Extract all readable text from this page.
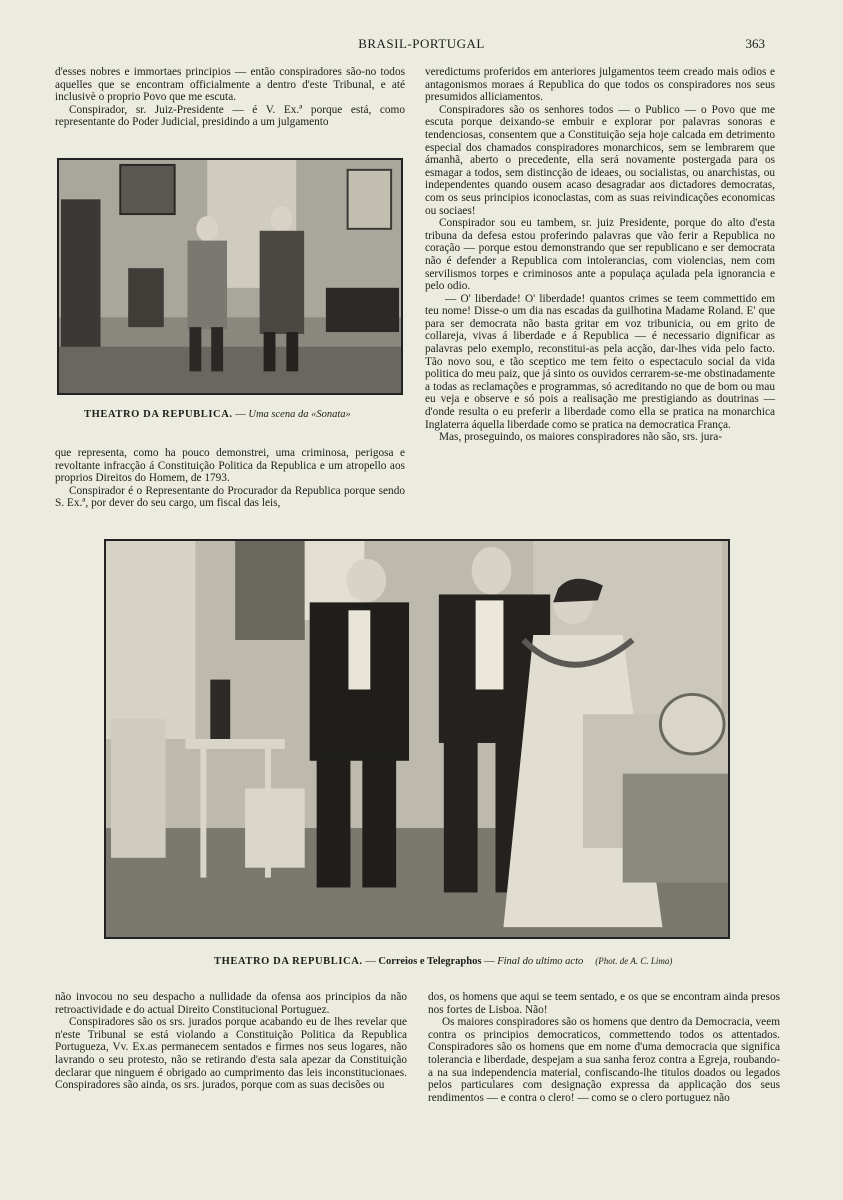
BRASIL-PORTUGAL	363

d'esses nobres e immortaes principios — então conspiradores são-no todos aquelles que se encontram officialmente a dentro d'este Tribunal, e até inclusivè o proprio Povo que me escuta.

Conspirador, sr. Juiz-Presidente — é V. Ex.ª porque está, como representante do Poder Judicial, presidindo a um julgamento

THEATRO DA REPUBLICA. — Uma scena da «Sonata»

que representa, como ha pouco demonstrei, uma criminosa, perigosa e revoltante infracção á Constituição Politica da Republica e um atropello aos proprios Direitos do Homem, de 1793.

Conspirador é o Representante do Procurador da Republica porque sendo S. Ex.ª, por dever do seu cargo, um fiscal das leis,

veredictums proferidos em anteriores julgamentos teem creado mais odios e antagonismos moraes á Republica do que todos os conspiradores nos seus presumidos alliciamentos.

Conspiradores são os senhores todos — o Publico — o Povo que me escuta porque deixando-se embuir e explorar por palavras sonoras e tendenciosas, consentem que a Constituição seja hoje calcada em detrimento especial dos chamados conspiradores monarchicos, sem se lembrarem que ámanhã, aberto o precedente, ella será novamente postergada para os esmagar a todos, sem distincção de ideaes, ou socialistas, ou anarchistas, ou independentes quando ousem acaso desagradar aos dictadores democratas, com os seus principios iconoclastas, com as suas reivindicações economicas ou sociaes!

Conspirador sou eu tambem, sr. juiz Presidente, porque do alto d'esta tribuna da defesa estou proferindo palavras que vão ferir a Republica no coração — porque estou demonstrando que ser republicano e ser democrata não é defender a Republica com intolerancias, com violencias, nem com servilismos torpes e criminosos ante a populaça açulada pela ignorancia e pelo odio.

— O' liberdade! O' liberdade! quantos crimes se teem commettido em teu nome! Disse-o um dia nas escadas da guilhotina Madame Roland. E' que para ser democrata não basta gritar em voz tribunicia, ou em grito de collareja, vivas á liberdade e á Republica — é necessario dignificar as palavras pelo exemplo, reconstitui-as pela acção, dar-lhes vida pelo facto. Tão novo sou, e tão sceptico me tem feito o espectaculo social da vida politica do meu paiz, que já sinto os ouvidos cerrarem-se-me obstinadamente a todas as reclamações e programmas, só acreditando no que de bom ou mau eu veja e observe e só pois a realisação me prestigiando as doutrinas — d'onde resulta o eu preferir a liberdade como ella se pratica na monarchica Inglaterra áquella liberdade como se pratica na democratica França.

Mas, proseguindo, os maiores conspiradores não são, srs. jura-

THEATRO DA REPUBLICA. — Correios e Telegraphos — Final do ultimo acto (Phot. de A. C. Lima)

não invocou no seu despacho a nullidade da ofensa aos principios da não retroactividade e do actual Direito Constitucional Portuguez.

Conspiradores são os srs. jurados porque acabando eu de lhes revelar que n'este Tribunal se está violando a Constituição Politica da Republica Portugueza, Vv. Ex.as permanecem sentados e firmes nos seus logares, não lavrando o seu protesto, não se retirando d'esta sala apezar da Constituição declarar que ninguem é obrigado ao cumprimento das leis inconstitucionaes. Conspiradores são ainda, os srs. jurados, porque com as suas decisões ou

dos, os homens que aqui se teem sentado, e os que se encontram ainda presos nos fortes de Lisboa. Não!

Os maiores conspiradores são os homens que dentro da Democracia, veem contra os principios democraticos, commettendo todos os attentados. Conspiradores são os homens que em nome d'uma democracia que significa tolerancia e liberdade, despejam a sua sanha feroz contra a Egreja, roubando-a na sua independencia material, confiscando-lhe titulos doados ou legados pelos particulares com designação expressa da applicação dos seus rendimentos — e contra o clero! — como se o clero portuguez não
